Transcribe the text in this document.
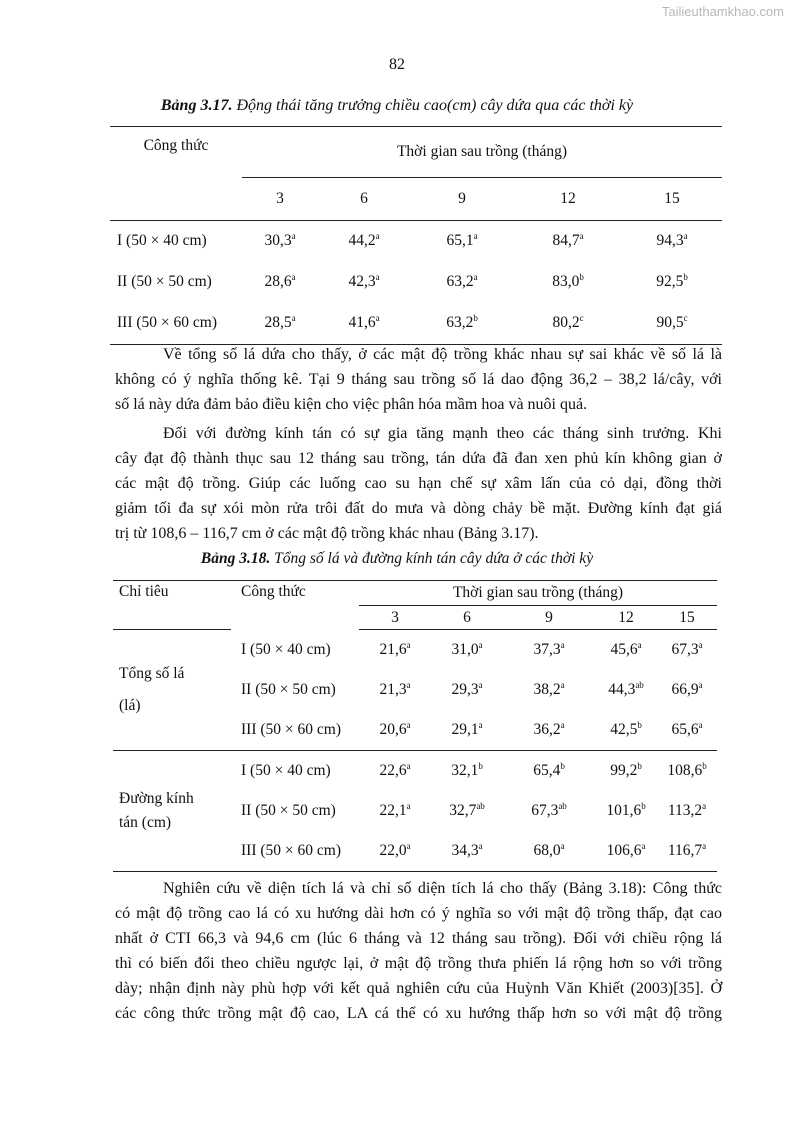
Tailieuthamkhao.com
82
Bảng 3.17. Động thái tăng trưởng chiều cao(cm) cây dứa qua các thời kỳ
Công thức	Thời gian sau trồng (tháng)				
	3	6	9	12	15
I (50 × 40 cm)	30,3$^a$	44,2$^a$	65,1$^a$	84,7$^a$	94,3$^a$
II (50 × 50 cm)	28,6$^a$	42,3$^a$	63,2$^a$	83,0$^b$	92,5$^b$
III (50 × 60 cm)	28,5$^a$	41,6$^a$	63,2$^b$	80,2$^c$	90,5$^c$
Về tổng số lá dứa cho thấy, ở các mật độ trồng khác nhau sự sai khác về số lá là
không có ý nghĩa thống kê. Tại 9 tháng sau trồng số lá dao động 36,2 – 38,2 lá/cây, với
số lá này dứa đảm bảo điều kiện cho việc phân hóa mầm hoa và nuôi quả.
Đối với đường kính tán có sự gia tăng mạnh theo các tháng sinh trưởng. Khi
cây đạt độ thành thục sau 12 tháng sau trồng, tán dứa đã đan xen phủ kín không gian ở
các mật độ trồng. Giúp các luống cao su hạn chế sự xâm lấn của cỏ dại, đồng thời
giảm tối đa sự xói mòn rửa trôi đất do mưa và dòng chảy bề mặt. Đường kính đạt giá
trị từ 108,6 – 116,7 cm ở các mật độ trồng khác nhau (Bảng 3.17).
Bảng 3.18. Tổng số lá và đường kính tán cây dứa ở các thời kỳ
Chỉ tiêu	Công thức	Thời gian sau trồng (tháng)				
		3	6	9	12	15

Tổng số lá
(lá)	I (50 × 40 cm)	21,6$^a$	31,0$^a$	37,3$^a$	45,6$^a$	67,3$^a$
	II (50 × 50 cm)	21,3$^a$	29,3$^a$	38,2$^a$	44,3$^{ab}$	66,9$^a$
	III (50 × 60 cm)	20,6$^a$	29,1$^a$	36,2$^a$	42,5$^b$	65,6$^a$

Đường kính
tán (cm)	I (50 × 40 cm)	22,6$^a$	32,1$^b$	65,4$^b$	99,2$^b$	108,6$^b$
	II (50 × 50 cm)	22,1$^a$	32,7$^{ab}$	67,3$^{ab}$	101,6$^b$	113,2$^a$
	III (50 × 60 cm)	22,0$^a$	34,3$^a$	68,0$^a$	106,6$^a$	116,7$^a$
Nghiên cứu về diện tích lá và chỉ số diện tích lá cho thấy (Bảng 3.18): Công thức
có mật độ trồng cao lá có xu hướng dài hơn có ý nghĩa so với mật độ trồng thấp, đạt cao
nhất ở CTI 66,3 và 94,6 cm (lúc 6 tháng và 12 tháng sau trồng). Đối với chiều rộng lá
thì có biến đổi theo chiều ngược lại, ở mật độ trồng thưa phiến lá rộng hơn so với trồng
dày; nhận định này phù hợp với kết quả nghiên cứu của Huỳnh Văn Khiết (2003)[35]. Ở
các công thức trồng mật độ cao, LA cá thể có xu hướng thấp hơn so với mật độ trồng
